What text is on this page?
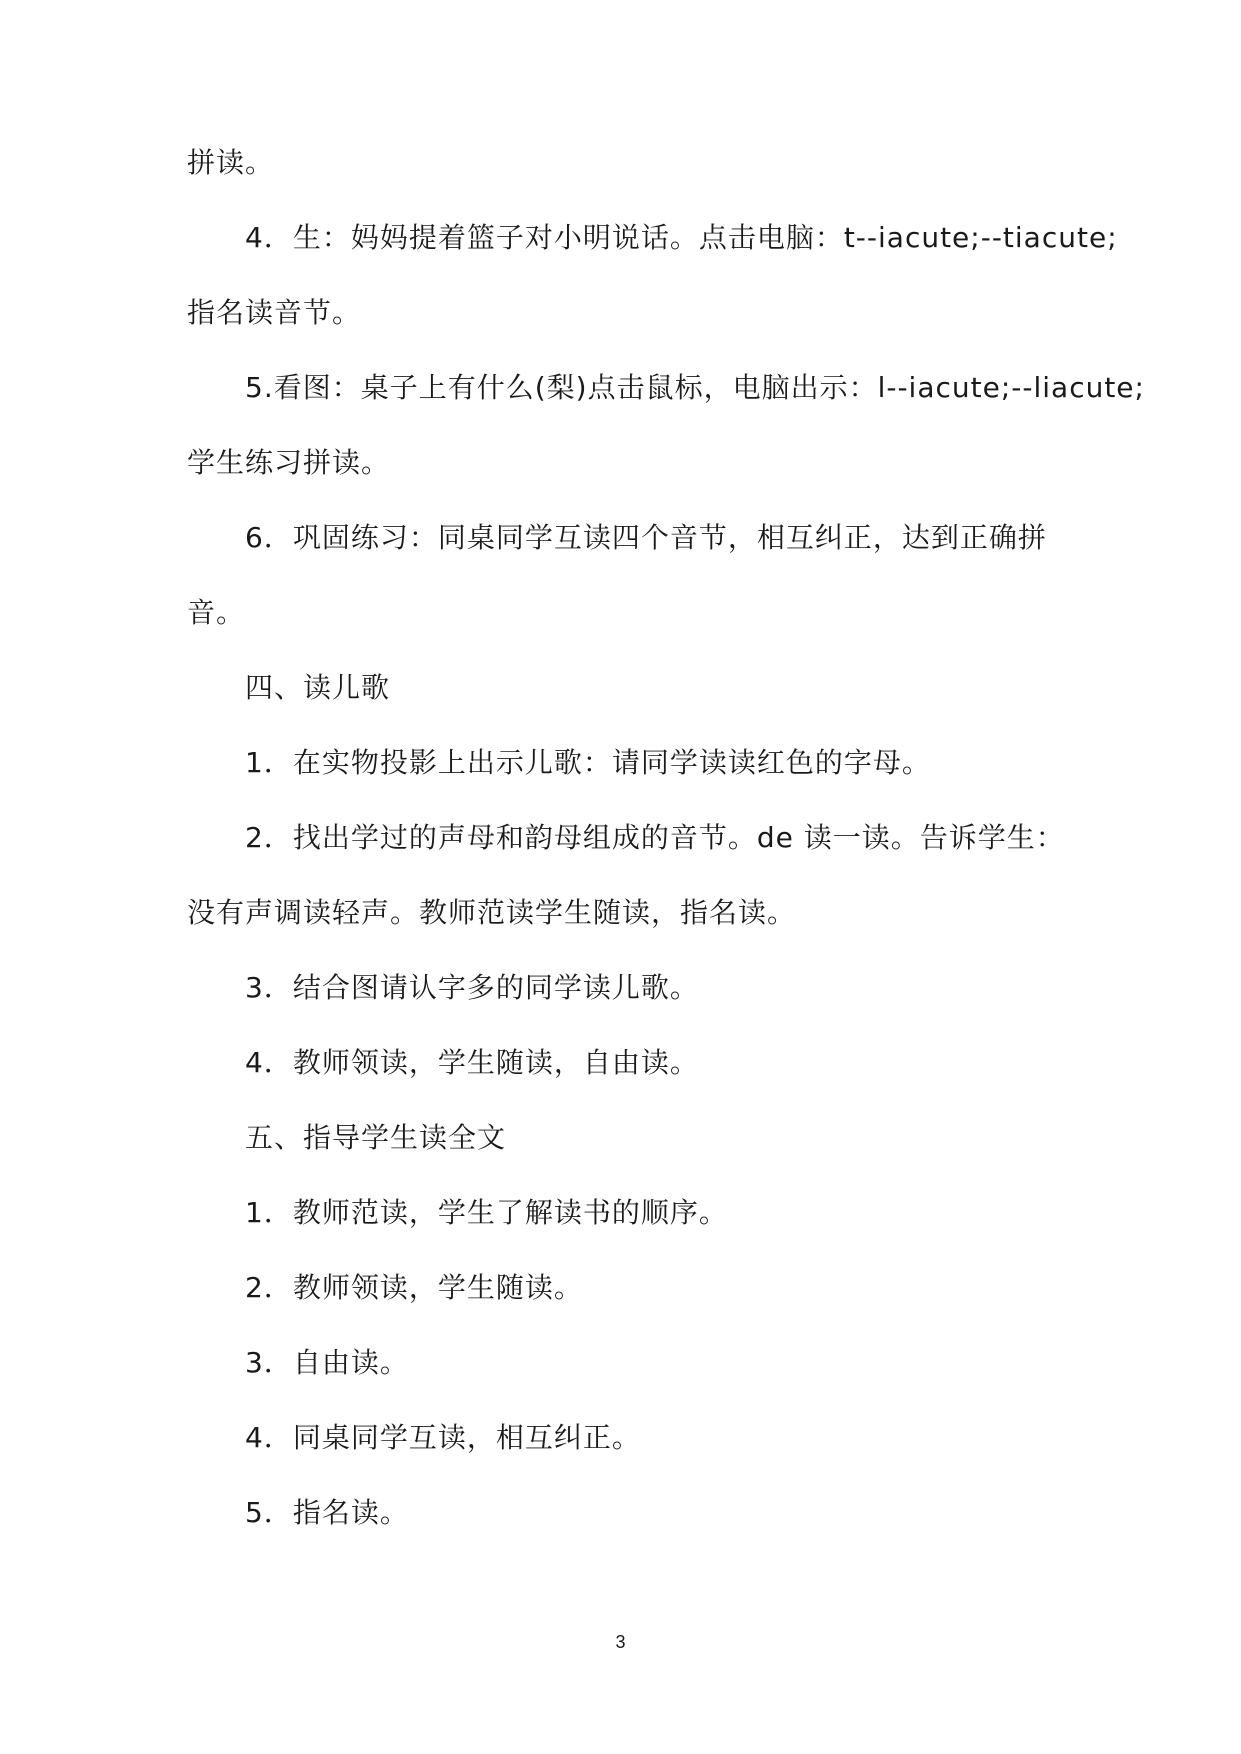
拼读。
4．生：妈妈提着篮子对小明说话。点击电脑：t--iacute;--tiacute;
指名读音节。
5.看图：桌子上有什么(梨)点击鼠标，电脑出示：l--iacute;--liacute;
学生练习拼读。
6．巩固练习：同桌同学互读四个音节，相互纠正，达到正确拼
音。
四、读儿歌
1．在实物投影上出示儿歌：请同学读读红色的字母。
2．找出学过的声母和韵母组成的音节。de 读一读。告诉学生：
没有声调读轻声。教师范读学生随读，指名读。
3．结合图请认字多的同学读儿歌。
4．教师领读，学生随读，自由读。
五、指导学生读全文
1．教师范读，学生了解读书的顺序。
2．教师领读，学生随读。
3．自由读。
4．同桌同学互读，相互纠正。
5．指名读。
3
